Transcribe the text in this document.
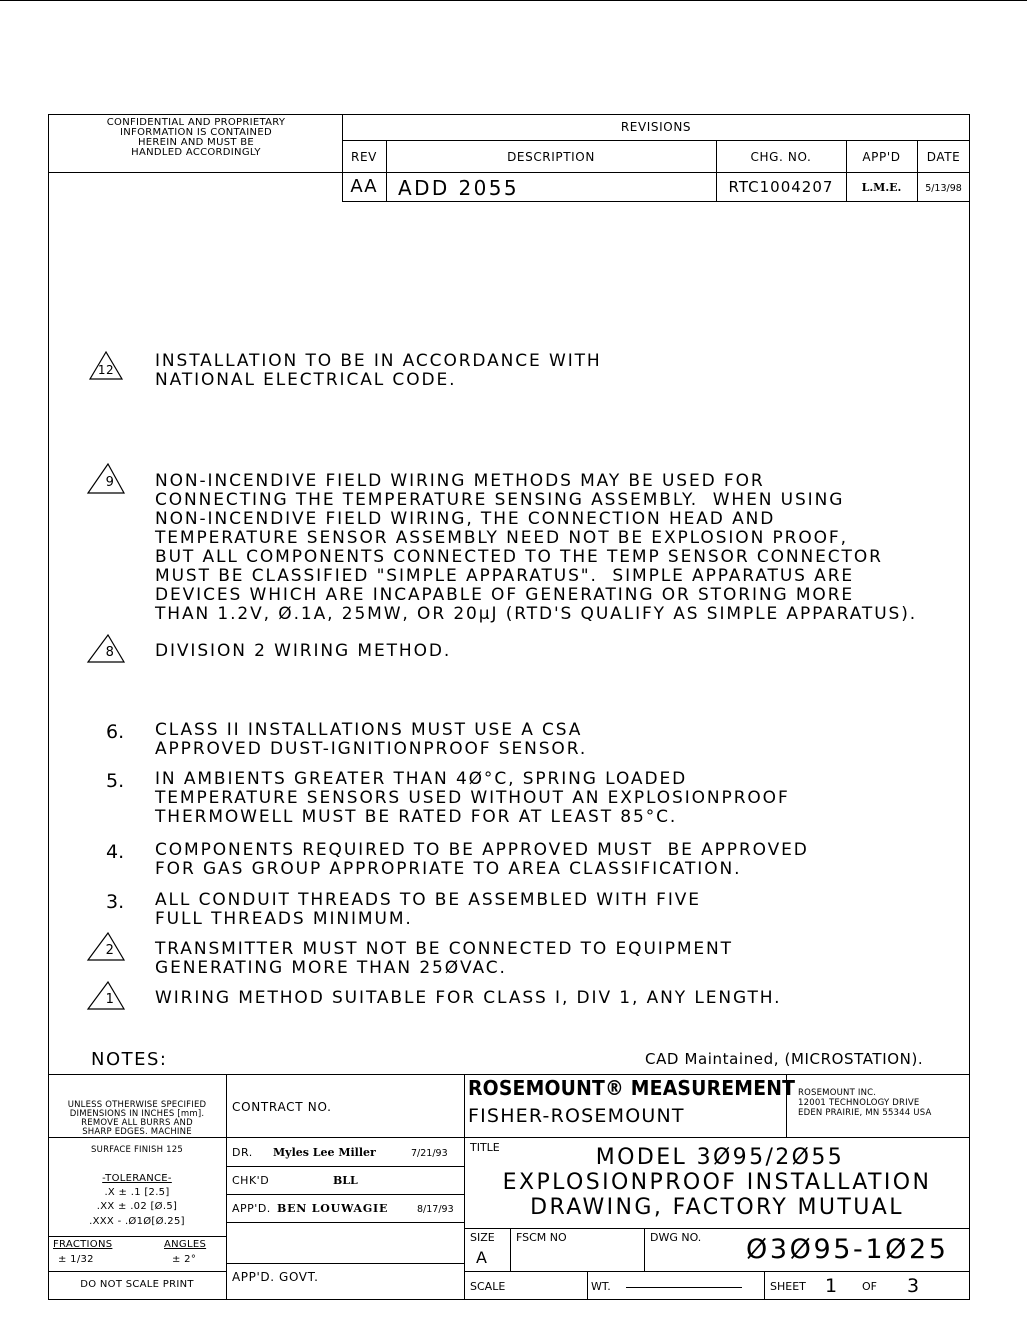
CONFIDENTIAL AND PROPRIETARY
INFORMATION IS CONTAINED
HEREIN AND MUST BE
HANDLED ACCORDINGLY
REVISIONS
REV	DESCRIPTION	CHG. NO.	APP'D	DATE
AA	ADD 2055	RTC1004207	L.M.E.	5/13/98
12	INSTALLATION TO BE IN ACCORDANCE WITH
NATIONAL ELECTRICAL CODE.
9	NON-INCENDIVE FIELD WIRING METHODS MAY BE USED FOR
CONNECTING THE TEMPERATURE SENSING ASSEMBLY.  WHEN USING
NON-INCENDIVE FIELD WIRING, THE CONNECTION HEAD AND
TEMPERATURE SENSOR ASSEMBLY NEED NOT BE EXPLOSION PROOF,
BUT ALL COMPONENTS CONNECTED TO THE TEMP SENSOR CONNECTOR
MUST BE CLASSIFIED "SIMPLE APPARATUS".  SIMPLE APPARATUS ARE
DEVICES WHICH ARE INCAPABLE OF GENERATING OR STORING MORE
THAN 1.2V, Ø.1A, 25MW, OR 20μJ (RTD'S QUALIFY AS SIMPLE APPARATUS).
8	DIVISION 2 WIRING METHOD.
6. CLASS II INSTALLATIONS MUST USE A CSA
APPROVED DUST-IGNITIONPROOF SENSOR.
5. IN AMBIENTS GREATER THAN 4Ø°C, SPRING LOADED
TEMPERATURE SENSORS USED WITHOUT AN EXPLOSIONPROOF
THERMOWELL MUST BE RATED FOR AT LEAST 85°C.
4. COMPONENTS REQUIRED TO BE APPROVED MUST  BE APPROVED
FOR GAS GROUP APPROPRIATE TO AREA CLASSIFICATION.
3. ALL CONDUIT THREADS TO BE ASSEMBLED WITH FIVE
FULL THREADS MINIMUM.
2	TRANSMITTER MUST NOT BE CONNECTED TO EQUIPMENT
GENERATING MORE THAN 25ØVAC.
1	WIRING METHOD SUITABLE FOR CLASS I, DIV 1, ANY LENGTH.
NOTES:	CAD Maintained, (MICROSTATION).
UNLESS OTHERWISE SPECIFIED
DIMENSIONS IN INCHES [mm].
REMOVE ALL BURRS AND
SHARP EDGES. MACHINE
SURFACE FINISH 125
-TOLERANCE-
.X ± .1 [2.5]
.XX ± .02 [Ø.5]
.XXX - .Ø1Ø[Ø.25]
FRACTIONS	ANGLES
± 1/32	± 2°
DO NOT SCALE PRINT
CONTRACT NO.
DR. Myles Lee Miller	7/21/93
CHK'D	BLL
APP'D. BEN LOUWAGIE	8/17/93
APP'D. GOVT.
ROSEMOUNT® MEASUREMENT
FISHER-ROSEMOUNT
ROSEMOUNT INC.
12001 TECHNOLOGY DRIVE
EDEN PRAIRIE, MN 55344 USA
TITLE	MODEL 3Ø95/2Ø55
EXPLOSIONPROOF INSTALLATION
DRAWING, FACTORY MUTUAL
SIZE
A
FSCM NO	DWG NO. Ø3Ø95-1Ø25
SCALE	WT.	SHEET 1 OF 3
